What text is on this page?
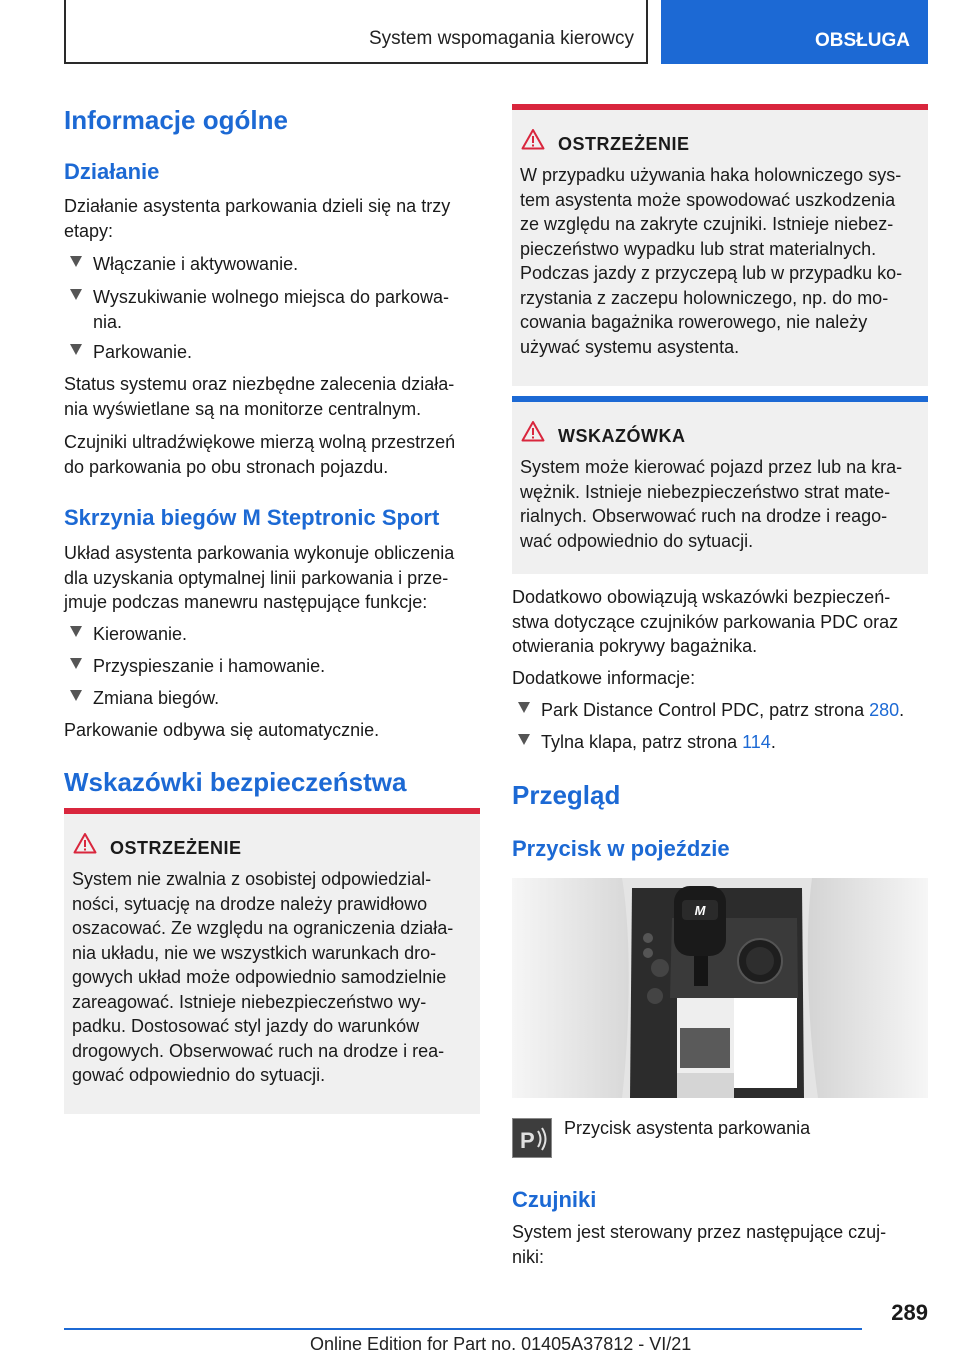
System wspomagania kierowcy	OBSŁUGA
Informacje ogólne
Działanie
Działanie asystenta parkowania dzieli się na trzy
etapy:
Włączanie i aktywowanie.
Wyszukiwanie wolnego miejsca do parkowa-
nia.
Parkowanie.
Status systemu oraz niezbędne zalecenia działa-
nia wyświetlane są na monitorze centralnym.
Czujniki ultradźwiękowe mierzą wolną przestrzeń
do parkowania po obu stronach pojazdu.
Skrzynia biegów M Steptronic Sport
Układ asystenta parkowania wykonuje obliczenia
dla uzyskania optymalnej linii parkowania i prze-
jmuje podczas manewru następujące funkcje:
Kierowanie.
Przyspieszanie i hamowanie.
Zmiana biegów.
Parkowanie odbywa się automatycznie.
Wskazówki bezpieczeństwa
OSTRZEŻENIE
System nie zwalnia z osobistej odpowiedzial-
ności, sytuację na drodze należy prawidłowo
oszacować. Ze względu na ograniczenia działa-
nia układu, nie we wszystkich warunkach dro-
gowych układ może odpowiednio samodzielnie
zareagować. Istnieje niebezpieczeństwo wy-
padku. Dostosować styl jazdy do warunków
drogowych. Obserwować ruch na drodze i rea-
gować odpowiednio do sytuacji.
OSTRZEŻENIE
W przypadku używania haka holowniczego sys-
tem asystenta może spowodować uszkodzenia
ze względu na zakryte czujniki. Istnieje niebez-
pieczeństwo wypadku lub strat materialnych.
Podczas jazdy z przyczepą lub w przypadku ko-
rzystania z zaczepu holowniczego, np. do mo-
cowania bagażnika rowerowego, nie należy
używać systemu asystenta.
WSKAZÓWKA
System może kierować pojazd przez lub na kra-
wężnik. Istnieje niebezpieczeństwo strat mate-
rialnych. Obserwować ruch na drodze i reago-
wać odpowiednio do sytuacji.
Dodatkowo obowiązują wskazówki bezpieczeń-
stwa dotyczące czujników parkowania PDC oraz
otwierania pokrywy bagażnika.
Dodatkowe informacje:
Park Distance Control PDC, patrz strona 280.
Tylna klapa, patrz strona 114.
Przegląd
Przycisk w pojeździe
M
P Przycisk asystenta parkowania
Czujniki
System jest sterowany przez następujące czuj-
niki:
289
Online Edition for Part no. 01405A37812 - VI/21
